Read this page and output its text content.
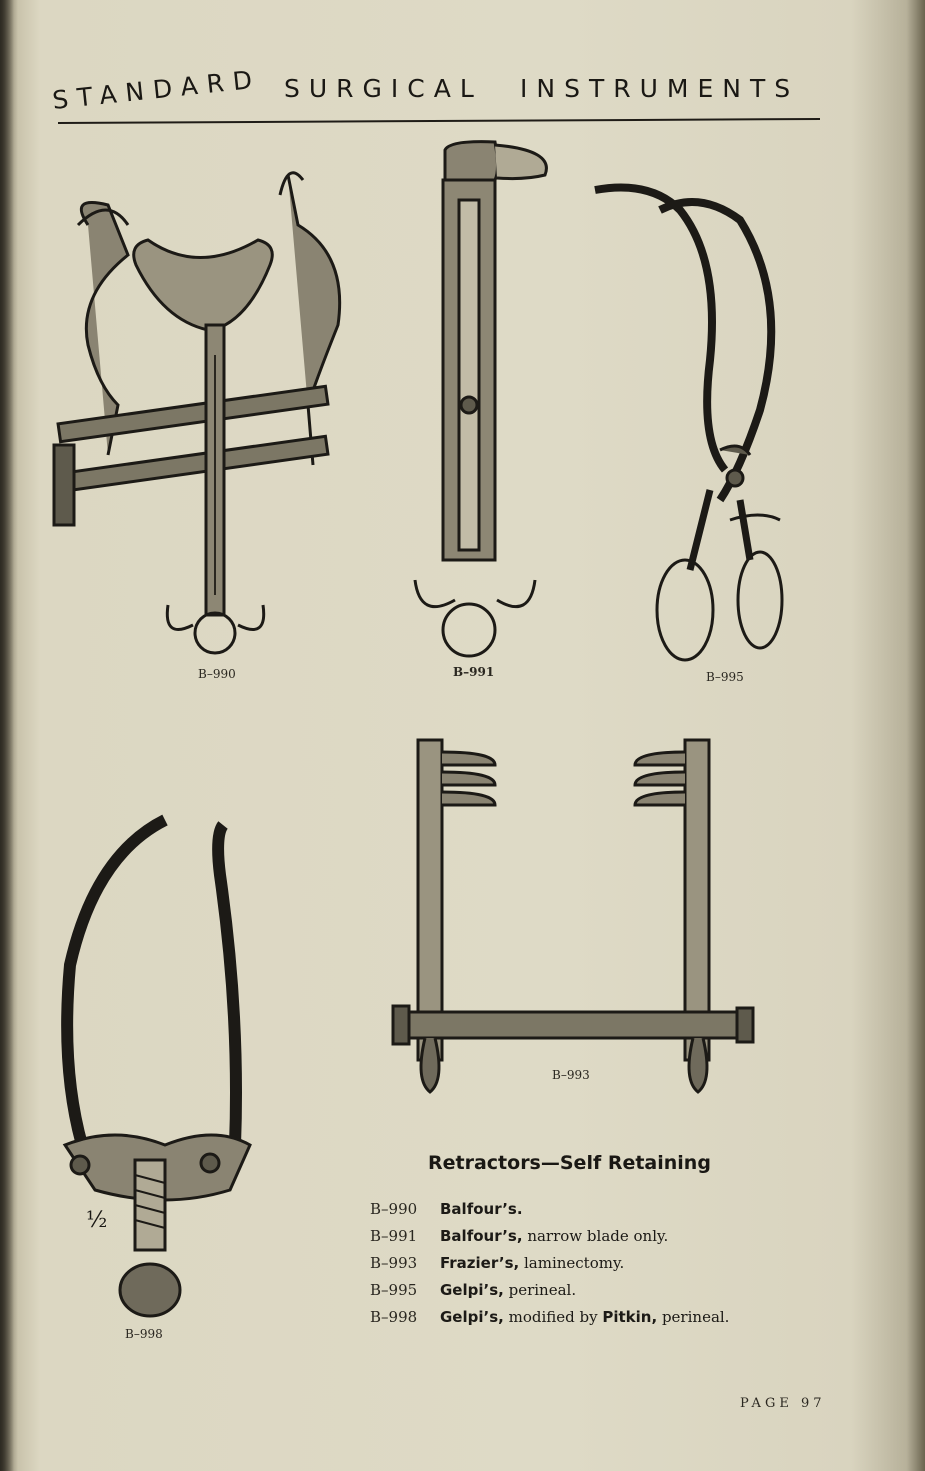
STANDARD SURGICAL INSTRUMENTS
B–990	B–991	B–995
B–993
B–998
½
Retractors—Self Retaining
B–990 Balfour’s.
B–991 Balfour’s, narrow blade only.
B–993 Frazier’s, laminectomy.
B–995 Gelpi’s, perineal.
B–998 Gelpi’s, modified by Pitkin, perineal.
PAGE 97
